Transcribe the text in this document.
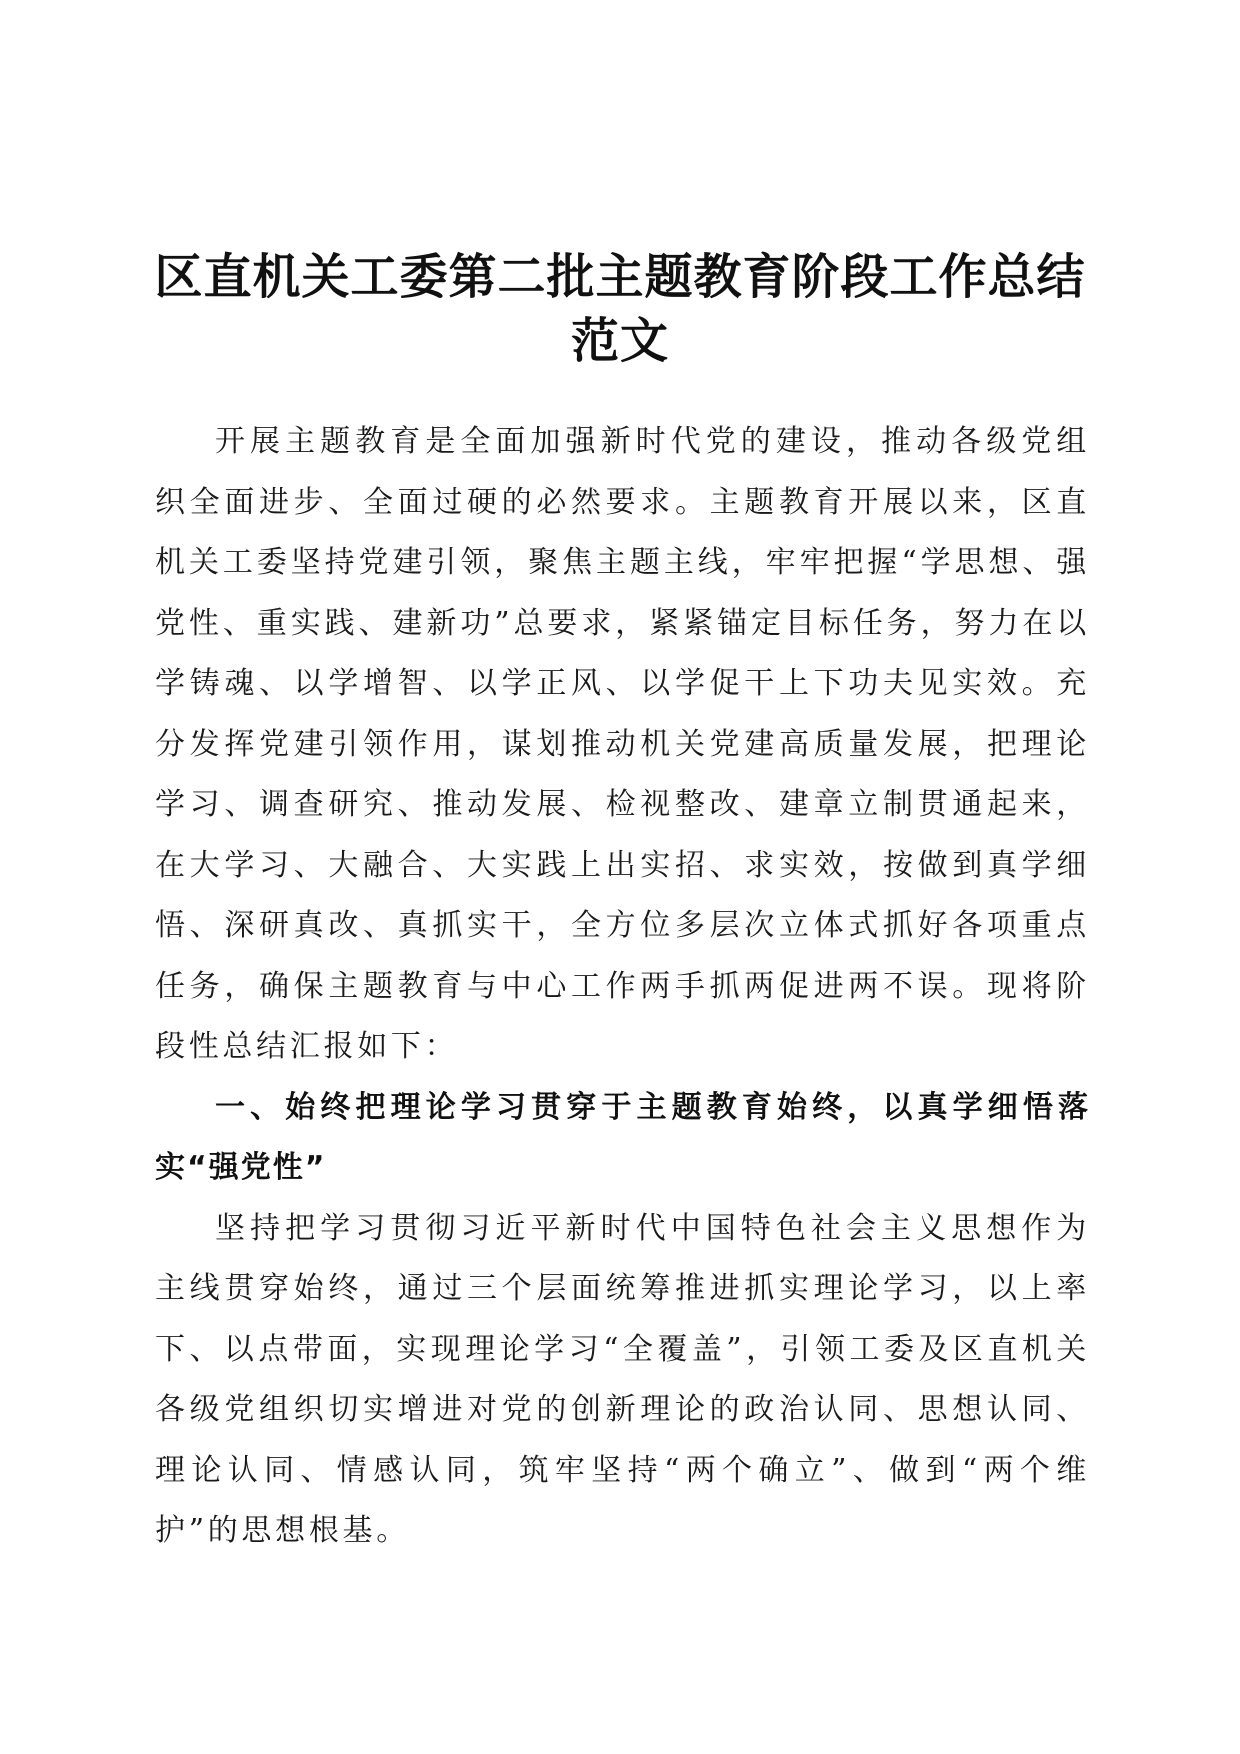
区直机关工委第二批主题教育阶段工作总结范文

开展主题教育是全面加强新时代党的建设，推动各级党组织全面进步、全面过硬的必然要求。主题教育开展以来，区直机关工委坚持党建引领，聚焦主题主线，牢牢把握“学思想、强党性、重实践、建新功”总要求，紧紧锚定目标任务，努力在以学铸魂、以学增智、以学正风、以学促干上下功夫见实效。充分发挥党建引领作用，谋划推动机关党建高质量发展，把理论学习、调查研究、推动发展、检视整改、建章立制贯通起来，在大学习、大融合、大实践上出实招、求实效，按做到真学细悟、深研真改、真抓实干，全方位多层次立体式抓好各项重点任务，确保主题教育与中心工作两手抓两促进两不误。现将阶段性总结汇报如下：

一、始终把理论学习贯穿于主题教育始终，以真学细悟落实“强党性”

坚持把学习贯彻习近平新时代中国特色社会主义思想作为主线贯穿始终，通过三个层面统筹推进抓实理论学习，以上率下、以点带面，实现理论学习“全覆盖”，引领工委及区直机关各级党组织切实增进对党的创新理论的政治认同、思想认同、理论认同、情感认同，筑牢坚持“两个确立”、做到“两个维护”的思想根基。
